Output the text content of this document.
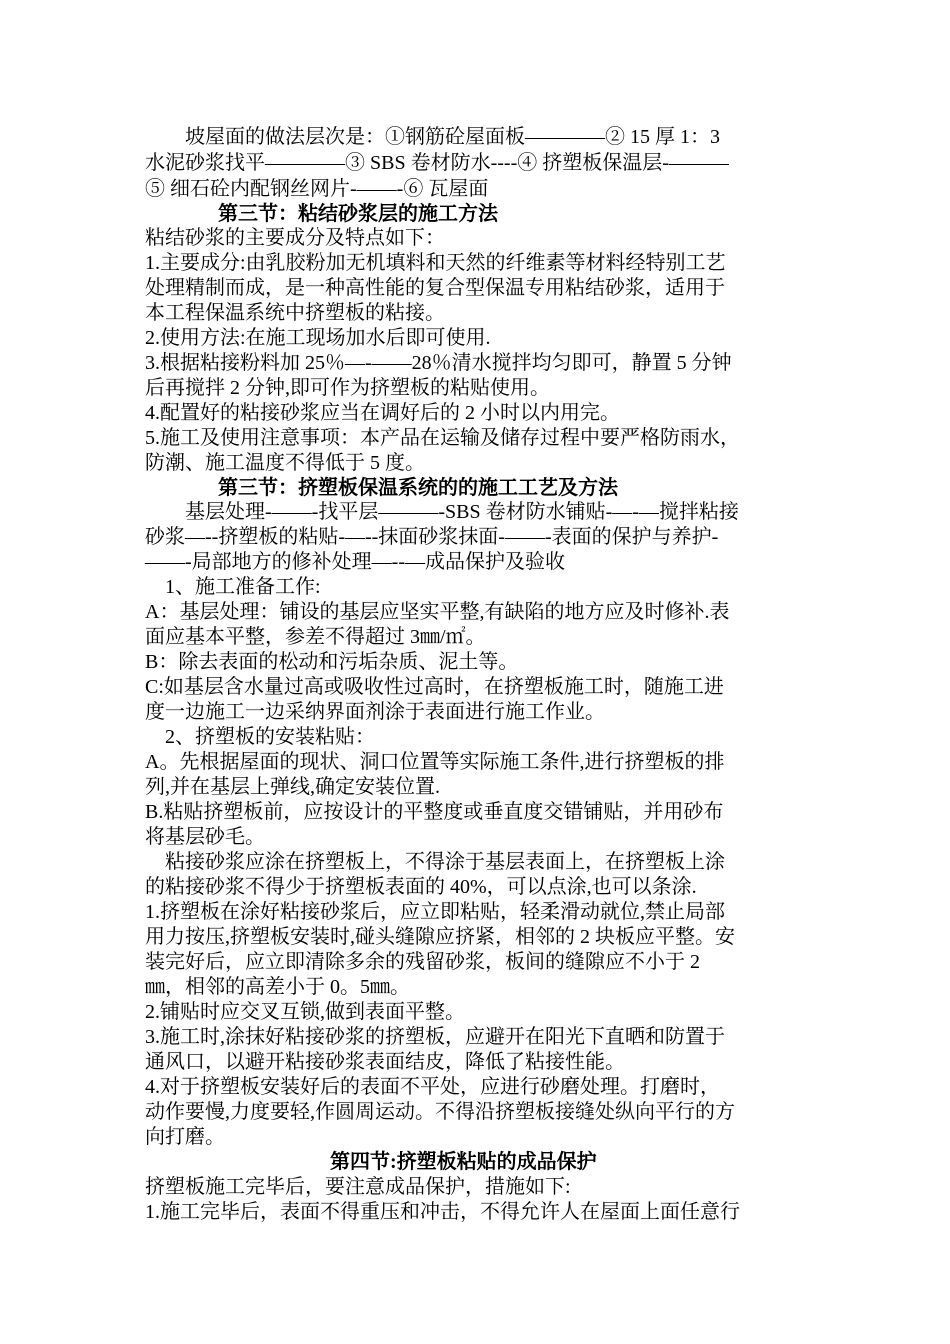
　　坡屋面的做法层次是：①钢筋砼屋面板————② 15 厚 1：3
水泥砂浆找平————③ SBS 卷材防水----④ 挤塑板保温层-———
⑤ 细石砼内配钢丝网片-——-⑥ 瓦屋面
第三节：粘结砂浆层的施工方法
粘结砂浆的主要成分及特点如下：
1.主要成分:由乳胶粉加无机填料和天然的纤维素等材料经特别工艺
处理精制而成，是一种高性能的复合型保温专用粘结砂浆，适用于
本工程保温系统中挤塑板的粘接。
2.使用方法:在施工现场加水后即可使用.
3.根据粘接粉料加 25％—-——28％清水搅拌均匀即可，静置 5 分钟
后再搅拌 2 分钟,即可作为挤塑板的粘贴使用。
4.配置好的粘接砂浆应当在调好后的 2 小时以内用完。
5.施工及使用注意事项：本产品在运输及储存过程中要严格防雨水，
防潮、施工温度不得低于 5 度。
第三节：挤塑板保温系统的的施工工艺及方法
　　基层处理-——-找平层———-SBS 卷材防水铺贴-—-—搅拌粘接
砂浆—--挤塑板的粘贴-—--抹面砂浆抹面-——-表面的保护与养护-
——-局部地方的修补处理—--—成品保护及验收
　1、施工准备工作:
A：基层处理：铺设的基层应坚实平整,有缺陷的地方应及时修补.表
面应基本平整，参差不得超过 3㎜/㎡。
B：除去表面的松动和污垢杂质、泥土等。
C:如基层含水量过高或吸收性过高时，在挤塑板施工时，随施工进
度一边施工一边采纳界面剂涂于表面进行施工作业。
　2、挤塑板的安装粘贴：
A。先根据屋面的现状、洞口位置等实际施工条件,进行挤塑板的排
列,并在基层上弹线,确定安装位置.
B.粘贴挤塑板前，应按设计的平整度或垂直度交错铺贴，并用砂布
将基层砂毛。
　粘接砂浆应涂在挤塑板上，不得涂于基层表面上，在挤塑板上涂
的粘接砂浆不得少于挤塑板表面的 40%，可以点涂,也可以条涂.
1.挤塑板在涂好粘接砂浆后，应立即粘贴，轻柔滑动就位,禁止局部
用力按压,挤塑板安装时,碰头缝隙应挤紧，相邻的 2 块板应平整。安
装完好后，应立即清除多余的残留砂浆，板间的缝隙应不小于 2
㎜，相邻的高差小于 0。5㎜。
2.铺贴时应交叉互锁,做到表面平整。
3.施工时,涂抹好粘接砂浆的挤塑板，应避开在阳光下直晒和防置于
通风口，以避开粘接砂浆表面结皮，降低了粘接性能。
4.对于挤塑板安装好后的表面不平处，应进行砂磨处理。打磨时，
动作要慢,力度要轻,作圆周运动。不得沿挤塑板接缝处纵向平行的方
向打磨。
第四节:挤塑板粘贴的成品保护
挤塑板施工完毕后，要注意成品保护，措施如下:
1.施工完毕后，表面不得重压和冲击，不得允许人在屋面上面任意行
